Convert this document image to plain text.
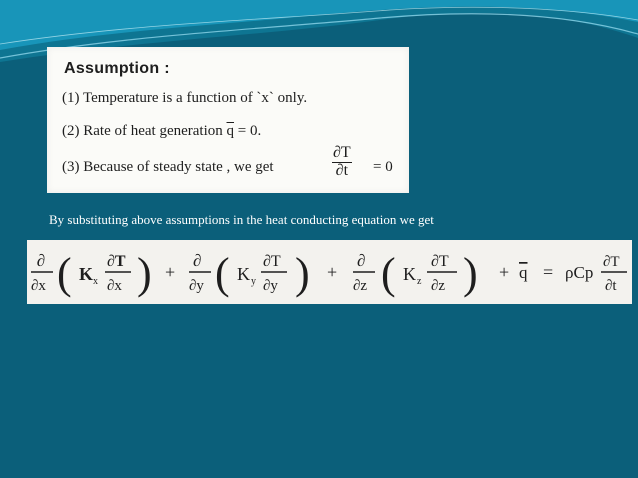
Assumption :
(1) Temperature is a function of `x` only.
(2) Rate of heat generation $\overline{q} = 0$.
(3) Because of steady state , we get	$\frac{\partial T}{\partial t} = 0$
By substituting above assumptions in the heat conducting equation we get
∂
∂x ( K x
∂T
∂x ) +
∂
∂y ( K y
∂T
∂y ) +
∂
∂z ( K z
∂T
∂z ) + q = ρCp
∂T
∂t
